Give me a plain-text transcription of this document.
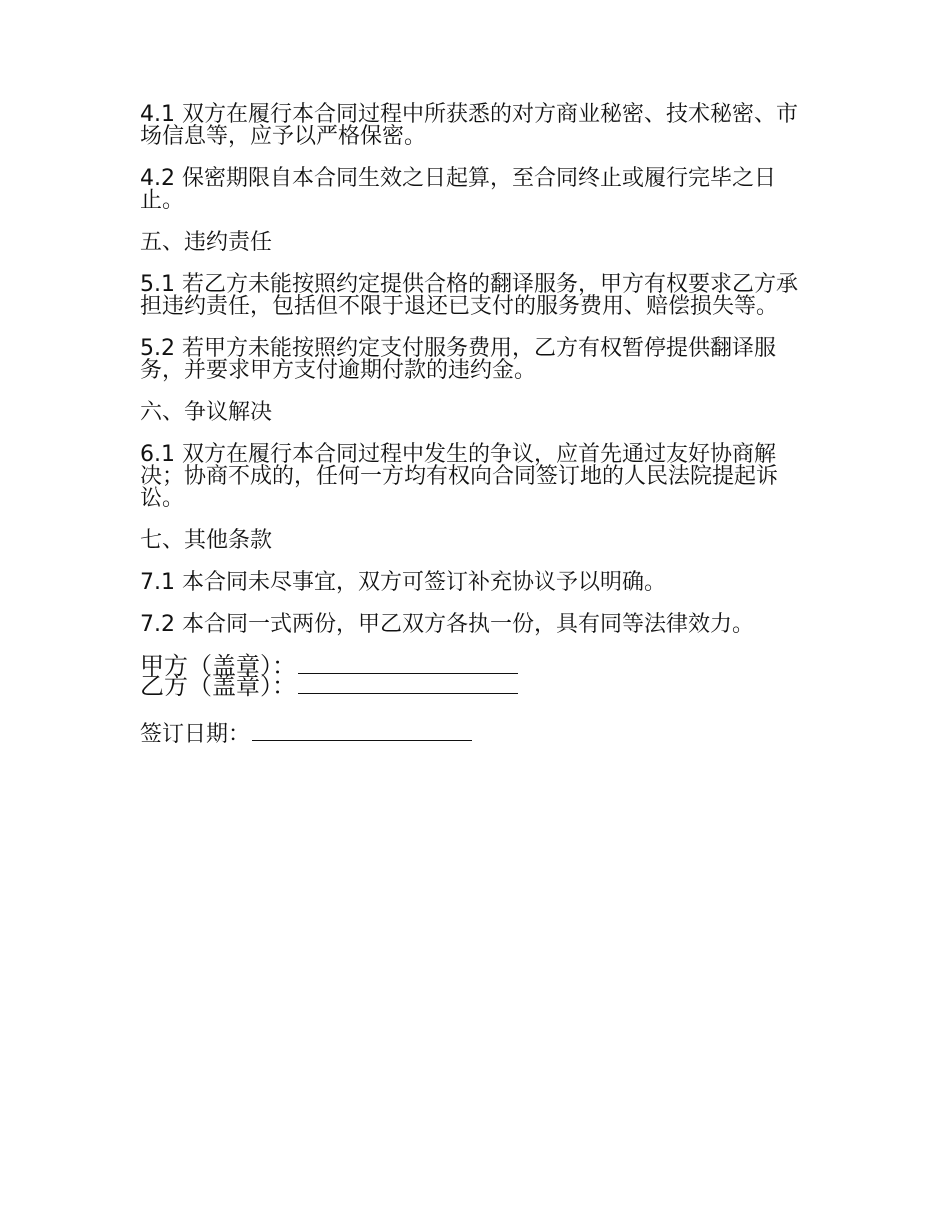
4.1 双方在履行本合同过程中所获悉的对方商业秘密、技术秘密、市场信息等，应予以严格保密。

4.2 保密期限自本合同生效之日起算，至合同终止或履行完毕之日止。

五、违约责任

5.1 若乙方未能按照约定提供合格的翻译服务，甲方有权要求乙方承担违约责任，包括但不限于退还已支付的服务费用、赔偿损失等。

5.2 若甲方未能按照约定支付服务费用，乙方有权暂停提供翻译服务，并要求甲方支付逾期付款的违约金。

六、争议解决

6.1 双方在履行本合同过程中发生的争议，应首先通过友好协商解决；协商不成的，任何一方均有权向合同签订地的人民法院提起诉讼。

七、其他条款

7.1 本合同未尽事宜，双方可签订补充协议予以明确。

7.2 本合同一式两份，甲乙双方各执一份，具有同等法律效力。

甲方（盖章）：
乙方（盖章）：
签订日期：
